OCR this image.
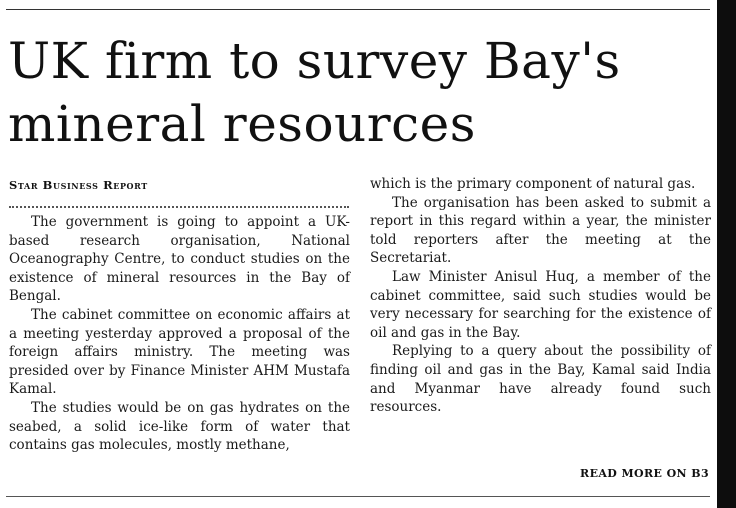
UK firm to survey Bay's
mineral resources
Star Business Report

The government is going to appoint a UK-based research organisation, National Oceanography Centre, to conduct studies on the existence of mineral resources in the Bay of Bengal.

The cabinet committee on economic affairs at a meeting yesterday approved a proposal of the foreign affairs ministry. The meeting was presided over by Finance Minister AHM Mustafa Kamal.

The studies would be on gas hydrates on the seabed, a solid ice-like form of water that contains gas molecules, mostly methane,

which is the primary component of natural gas.

The organisation has been asked to submit a report in this regard within a year, the minister told reporters after the meeting at the Secretariat.

Law Minister Anisul Huq, a member of the cabinet committee, said such studies would be very necessary for searching for the existence of oil and gas in the Bay.

Replying to a query about the possibility of finding oil and gas in the Bay, Kamal said India and Myanmar have already found such resources.

READ MORE ON B3
